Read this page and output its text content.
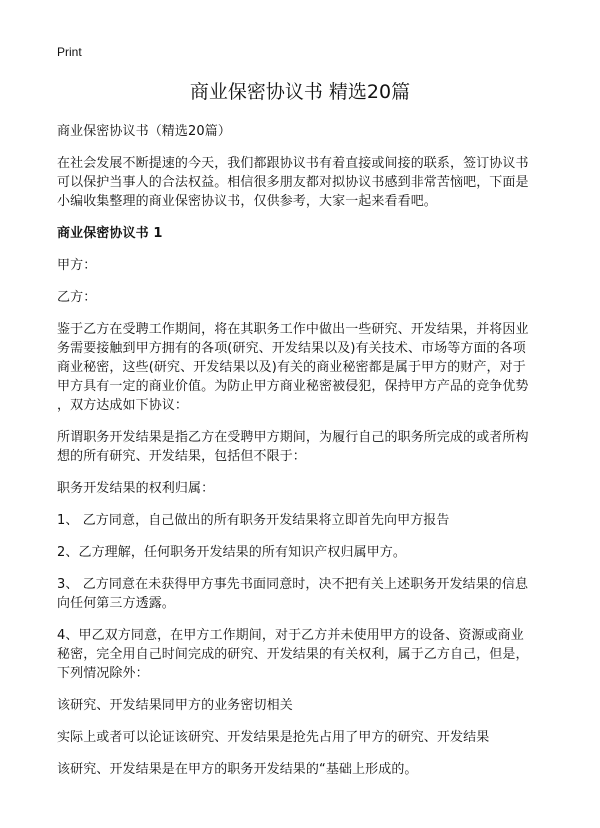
Print
商业保密协议书 精选20篇
商业保密协议书（精选20篇）
在社会发展不断提速的今天，我们都跟协议书有着直接或间接的联系，签订协议书
可以保护当事人的合法权益。相信很多朋友都对拟协议书感到非常苦恼吧，下面是
小编收集整理的商业保密协议书，仅供参考，大家一起来看看吧。
商业保密协议书 1
甲方：
乙方：
鉴于乙方在受聘工作期间，将在其职务工作中做出一些研究、开发结果，并将因业
务需要接触到甲方拥有的各项(研究、开发结果以及)有关技术、市场等方面的各项
商业秘密，这些(研究、开发结果以及)有关的商业秘密都是属于甲方的财产，对于
甲方具有一定的商业价值。为防止甲方商业秘密被侵犯，保持甲方产品的竞争优势
，双方达成如下协议：
所谓职务开发结果是指乙方在受聘甲方期间，为履行自己的职务所完成的或者所构
想的所有研究、开发结果，包括但不限于：
职务开发结果的权利归属：
1、 乙方同意，自己做出的所有职务开发结果将立即首先向甲方报告
2、乙方理解，任何职务开发结果的所有知识产权归属甲方。
3、 乙方同意在未获得甲方事先书面同意时，决不把有关上述职务开发结果的信息
向任何第三方透露。
4、甲乙双方同意，在甲方工作期间，对于乙方并未使用甲方的设备、资源或商业
秘密，完全用自己时间完成的研究、开发结果的有关权利，属于乙方自己，但是，
下列情况除外：
该研究、开发结果同甲方的业务密切相关
实际上或者可以论证该研究、开发结果是抢先占用了甲方的研究、开发结果
该研究、开发结果是在甲方的职务开发结果的“基础上形成的。
